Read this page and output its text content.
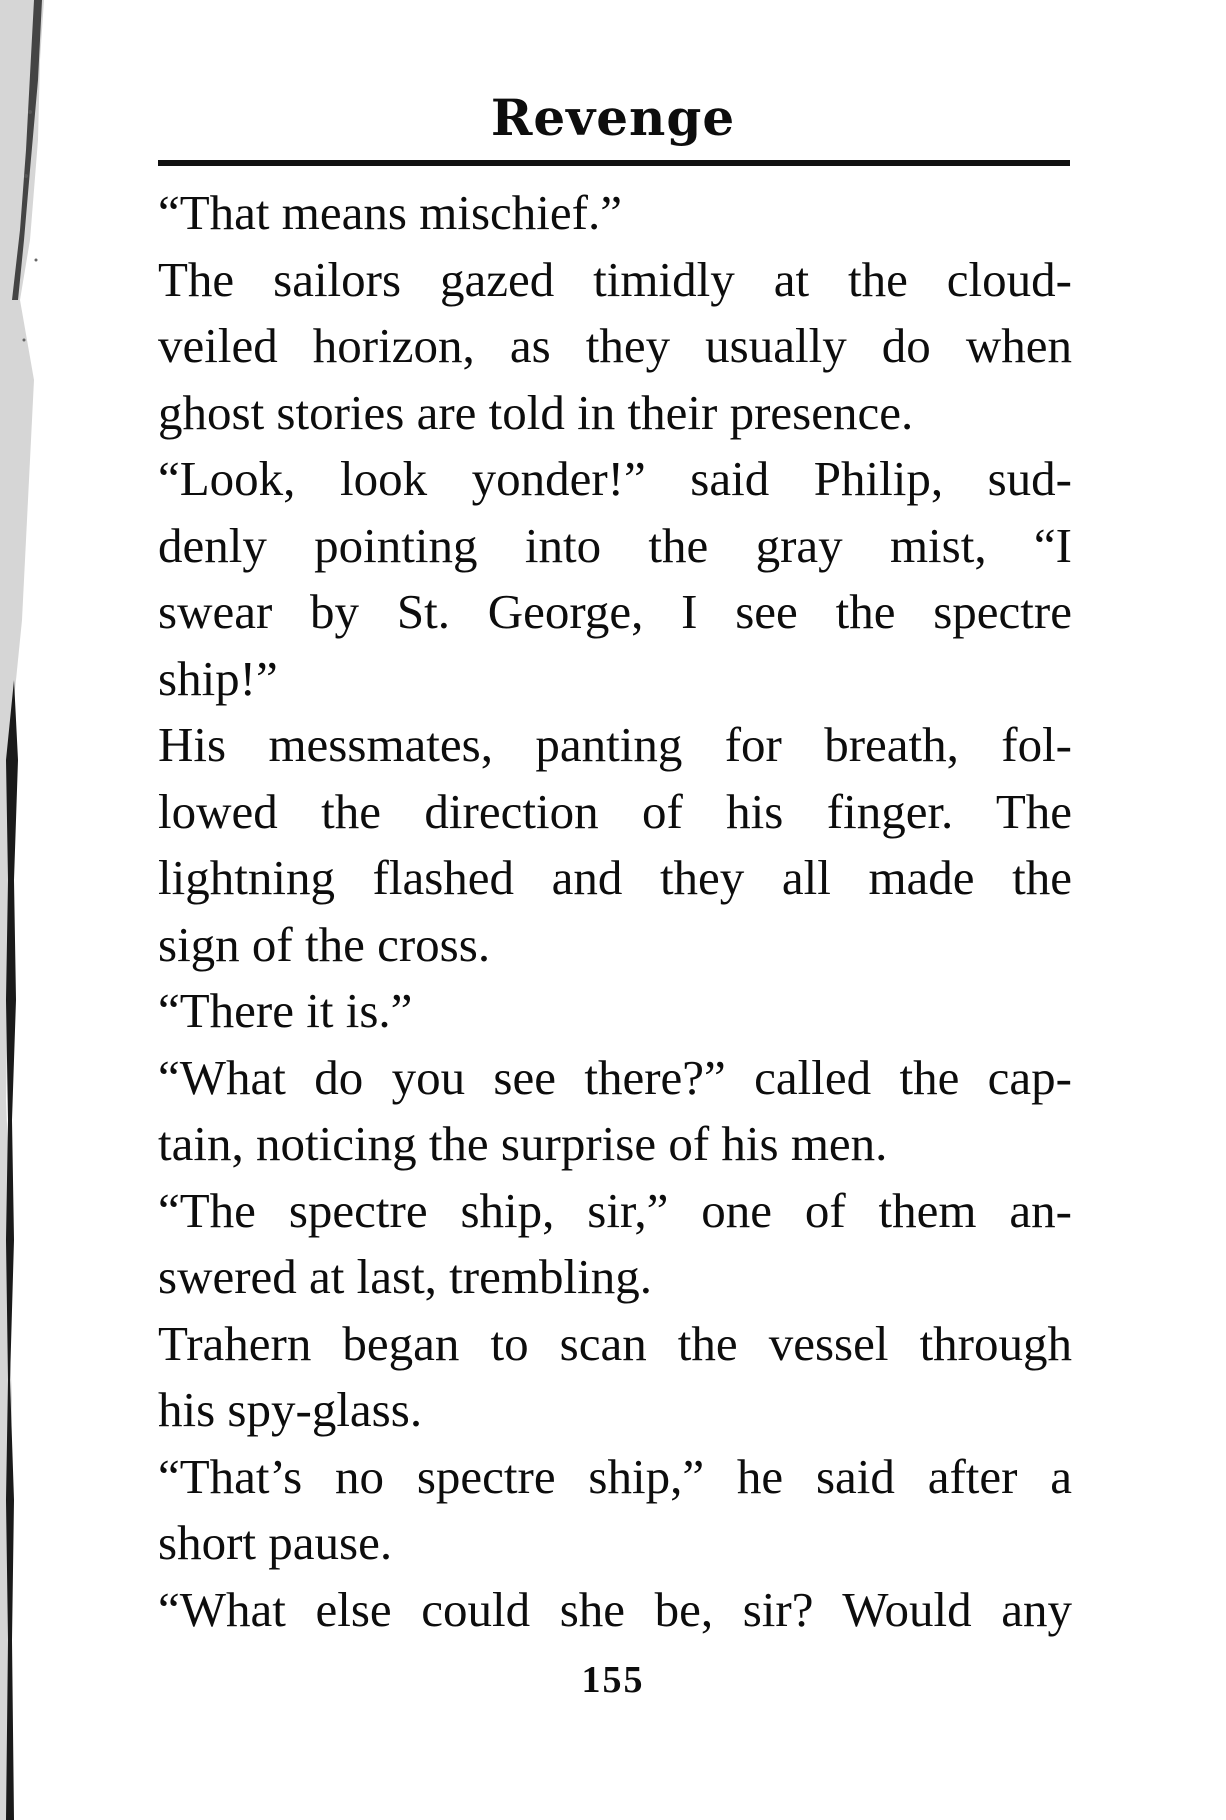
Revenge
“That means mischief.”
The sailors gazed timidly at the cloud-
veiled horizon, as they usually do when
ghost stories are told in their presence.
“Look, look yonder!” said Philip, sud-
denly pointing into the gray mist, “I
swear by St. George, I see the spectre
ship!”
His messmates, panting for breath, fol-
lowed the direction of his finger. The
lightning flashed and they all made the
sign of the cross.
“There it is.”
“What do you see there?” called the cap-
tain, noticing the surprise of his men.
“The spectre ship, sir,” one of them an-
swered at last, trembling.
Trahern began to scan the vessel through
his spy-glass.
“That’s no spectre ship,” he said after a
short pause.
“What else could she be, sir? Would any
155
